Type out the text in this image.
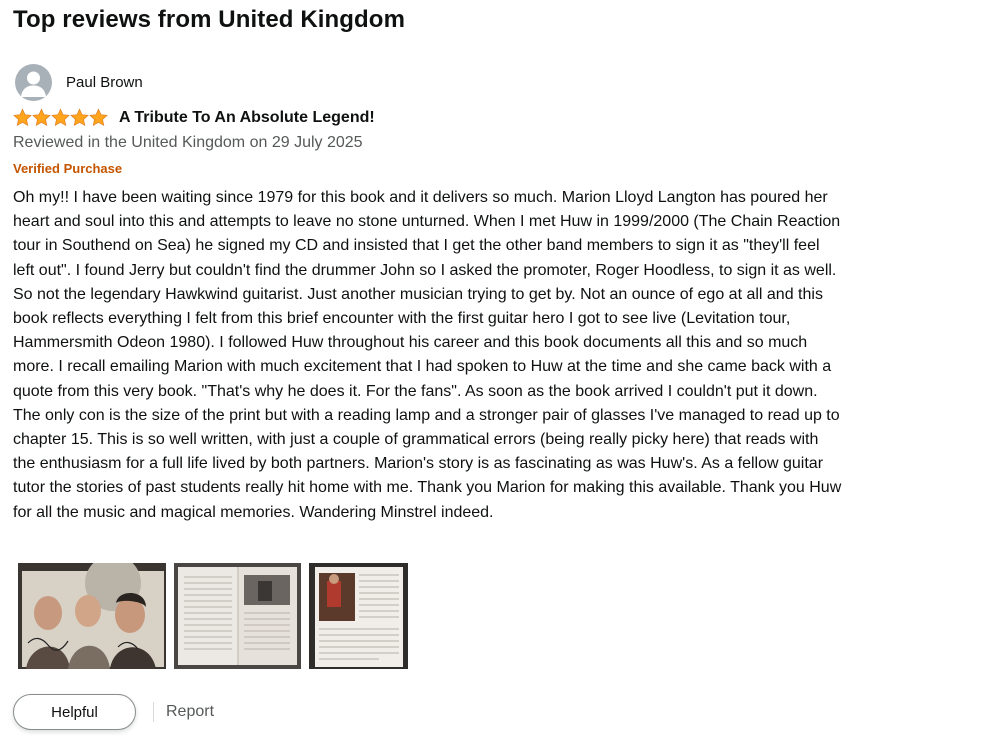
Top reviews from United Kingdom
Paul Brown
A Tribute To An Absolute Legend!
Reviewed in the United Kingdom on 29 July 2025
Verified Purchase
Oh my!! I have been waiting since 1979 for this book and it delivers so much. Marion Lloyd Langton has poured her heart and soul into this and attempts to leave no stone unturned. When I met Huw in 1999/2000 (The Chain Reaction tour in Southend on Sea) he signed my CD and insisted that I get the other band members to sign it as "they'll feel left out". I found Jerry but couldn't find the drummer John so I asked the promoter, Roger Hoodless, to sign it as well. So not the legendary Hawkwind guitarist. Just another musician trying to get by. Not an ounce of ego at all and this book reflects everything I felt from this brief encounter with the first guitar hero I got to see live (Levitation tour, Hammersmith Odeon 1980). I followed Huw throughout his career and this book documents all this and so much more. I recall emailing Marion with much excitement that I had spoken to Huw at the time and she came back with a quote from this very book. "That's why he does it. For the fans". As soon as the book arrived I couldn't put it down. The only con is the size of the print but with a reading lamp and a stronger pair of glasses I've managed to read up to chapter 15. This is so well written, with just a couple of grammatical errors (being really picky here) that reads with the enthusiasm for a full life lived by both partners. Marion's story is as fascinating as was Huw's. As a fellow guitar tutor the stories of past students really hit home with me. Thank you Marion for making this available. Thank you Huw for all the music and magical memories. Wandering Minstrel indeed.
Helpful	Report
